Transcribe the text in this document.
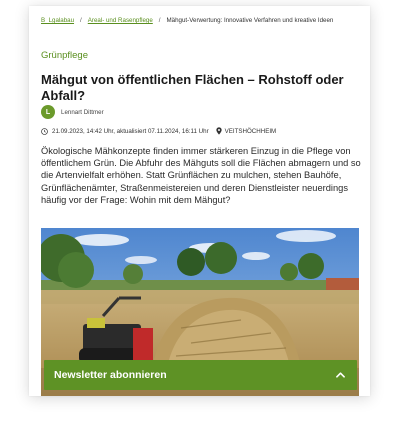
B_Lgalabau / Areal- und Rasenpflege / Mähgut-Verwertung: Innovative Verfahren und kreative Ideen
Grünpflege
Mähgut von öffentlichen Flächen – Rohstoff oder Abfall?
L	Lennart Dittmer
21.09.2023, 14:42 Uhr, aktualisiert 07.11.2024, 16:11 Uhr	VEITSHÖCHHEIM

Ökologische Mähkonzepte finden immer stärkeren Einzug in die Pflege von öffentlichem Grün. Die Abfuhr des Mähguts soll die Flächen abmagern und so die Artenvielfalt erhöhen. Statt Grünflächen zu mulchen, stehen Bauhöfe, Grünflächenämter, Straßenmeistereien und deren Dienstleister neuerdings häufig vor der Frage: Wohin mit dem Mähgut?

Newsletter abonnieren
